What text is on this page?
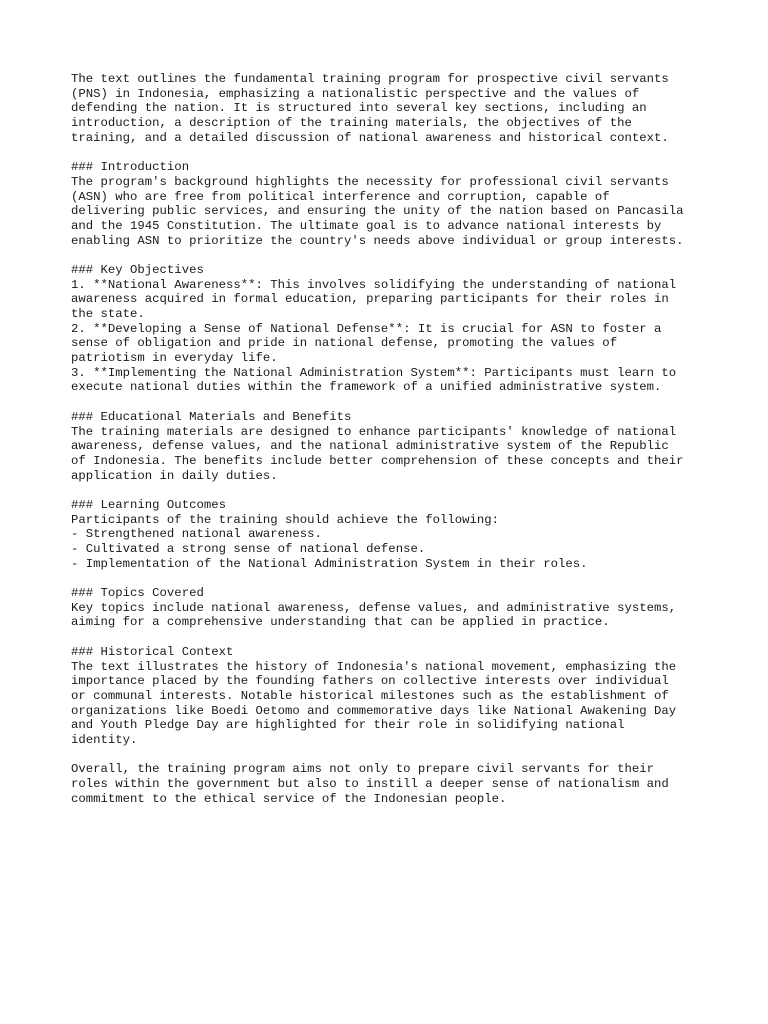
The text outlines the fundamental training program for prospective civil servants
(PNS) in Indonesia, emphasizing a nationalistic perspective and the values of
defending the nation. It is structured into several key sections, including an
introduction, a description of the training materials, the objectives of the
training, and a detailed discussion of national awareness and historical context.
### Introduction
The program's background highlights the necessity for professional civil servants
(ASN) who are free from political interference and corruption, capable of
delivering public services, and ensuring the unity of the nation based on Pancasila
and the 1945 Constitution. The ultimate goal is to advance national interests by
enabling ASN to prioritize the country's needs above individual or group interests.
### Key Objectives
1. **National Awareness**: This involves solidifying the understanding of national
awareness acquired in formal education, preparing participants for their roles in
the state.
2. **Developing a Sense of National Defense**: It is crucial for ASN to foster a
sense of obligation and pride in national defense, promoting the values of
patriotism in everyday life.
3. **Implementing the National Administration System**: Participants must learn to
execute national duties within the framework of a unified administrative system.
### Educational Materials and Benefits
The training materials are designed to enhance participants' knowledge of national
awareness, defense values, and the national administrative system of the Republic
of Indonesia. The benefits include better comprehension of these concepts and their
application in daily duties.
### Learning Outcomes
Participants of the training should achieve the following:
- Strengthened national awareness.
- Cultivated a strong sense of national defense.
- Implementation of the National Administration System in their roles.
### Topics Covered
Key topics include national awareness, defense values, and administrative systems,
aiming for a comprehensive understanding that can be applied in practice.
### Historical Context
The text illustrates the history of Indonesia's national movement, emphasizing the
importance placed by the founding fathers on collective interests over individual
or communal interests. Notable historical milestones such as the establishment of
organizations like Boedi Oetomo and commemorative days like National Awakening Day
and Youth Pledge Day are highlighted for their role in solidifying national
identity.
Overall, the training program aims not only to prepare civil servants for their
roles within the government but also to instill a deeper sense of nationalism and
commitment to the ethical service of the Indonesian people.
